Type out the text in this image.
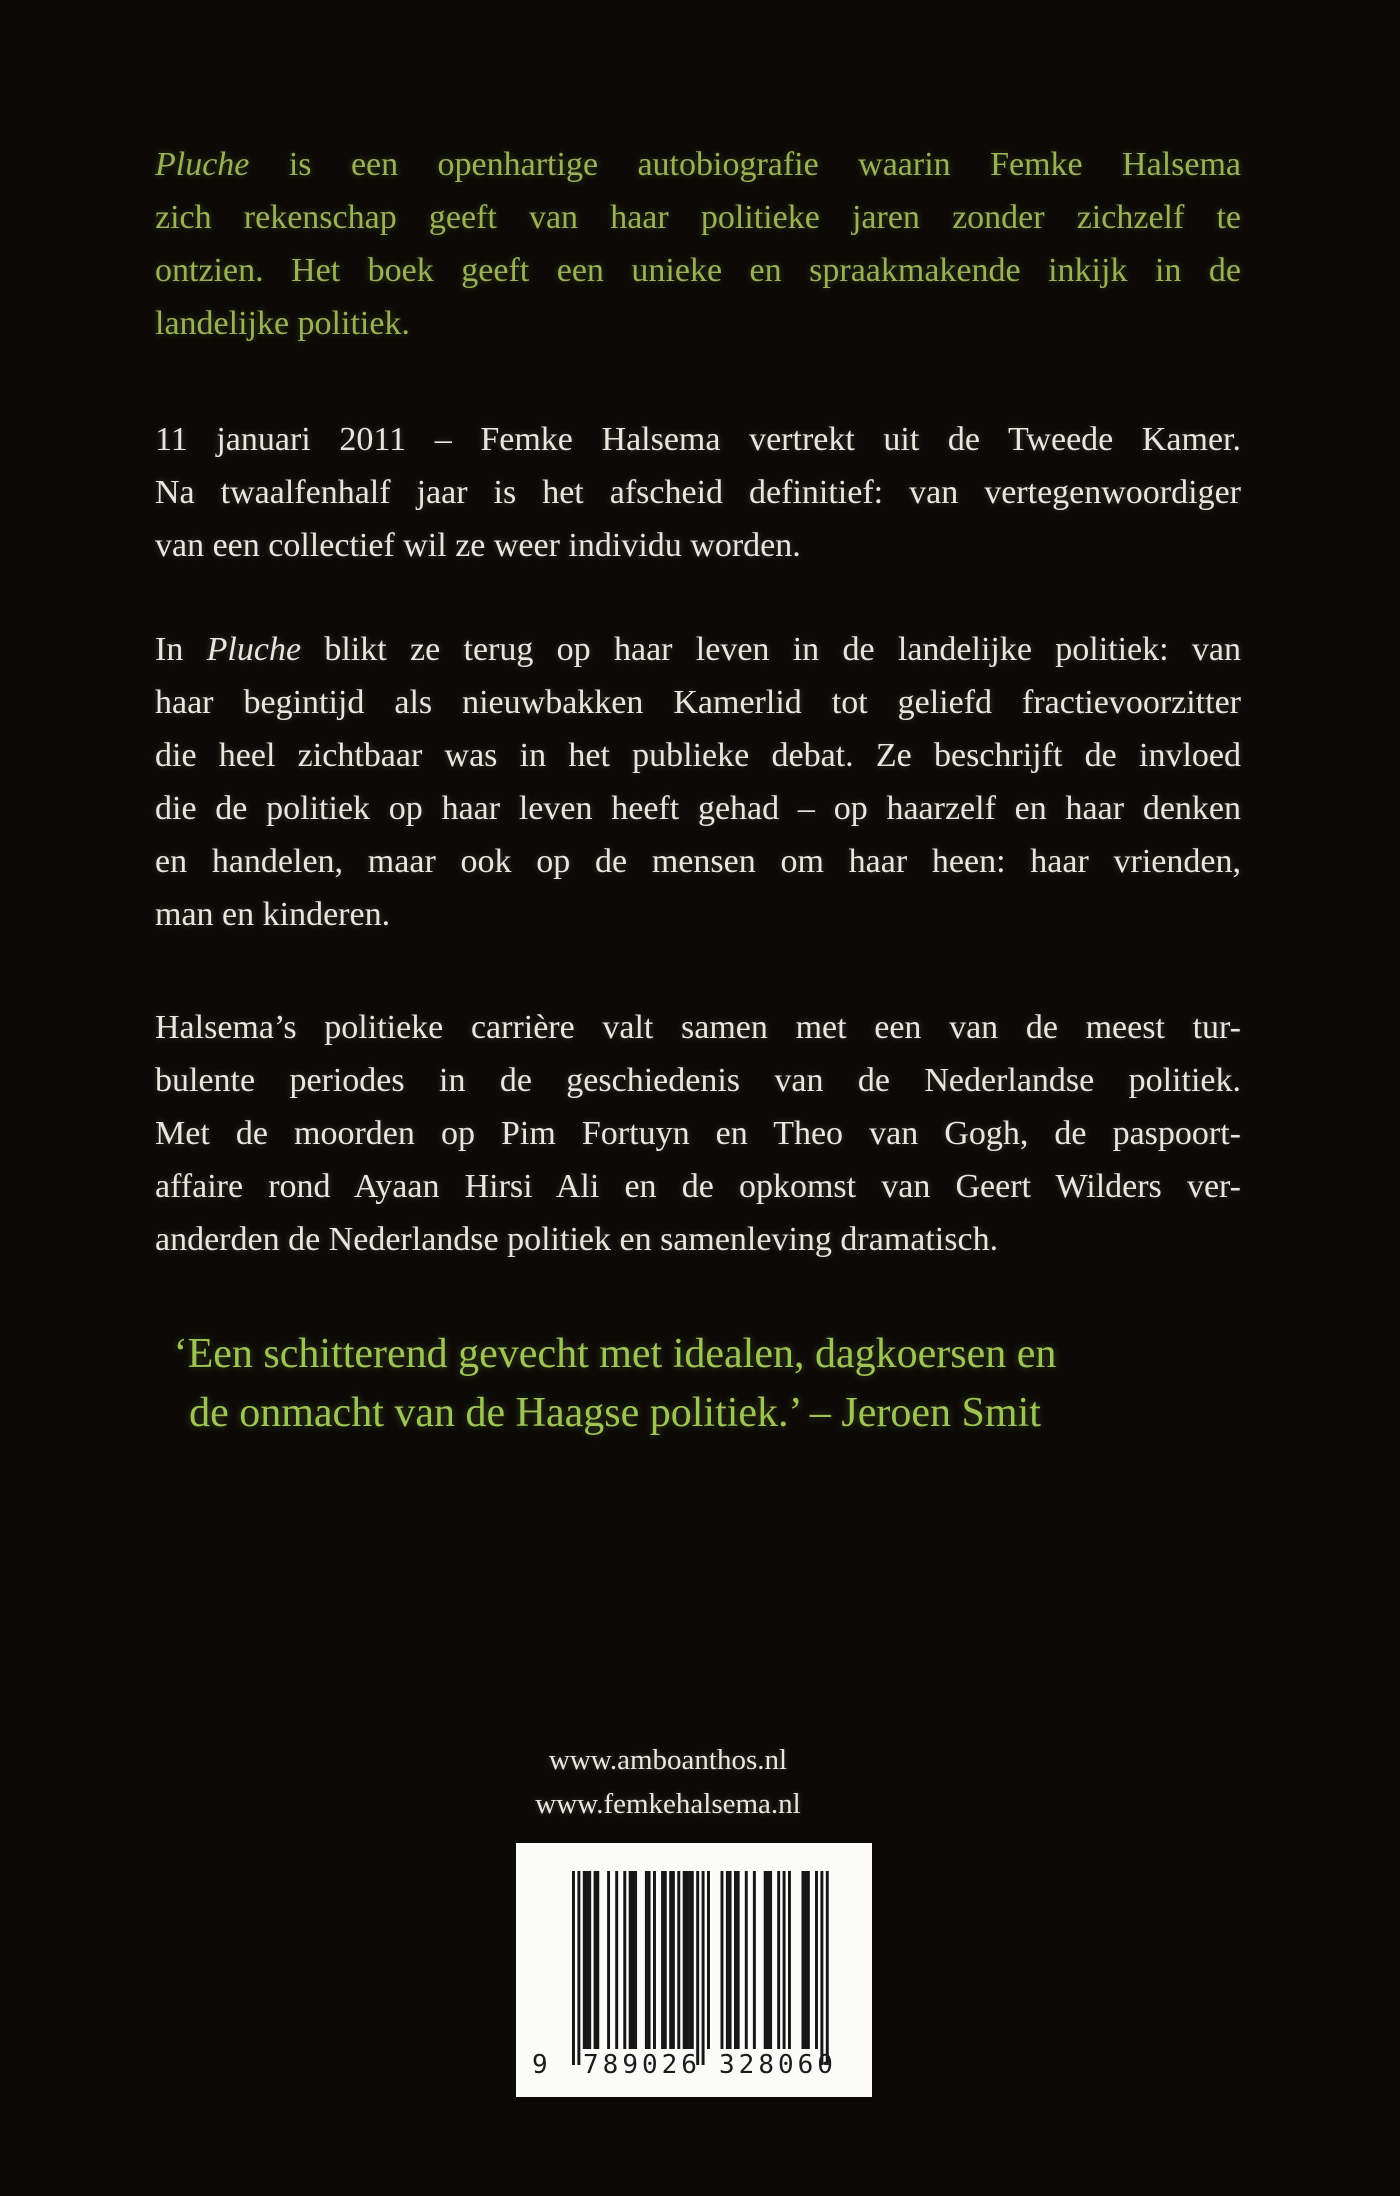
Pluche is een openhartige autobiografie waarin Femke Halsema
zich rekenschap geeft van haar politieke jaren zonder zichzelf te
ontzien. Het boek geeft een unieke en spraakmakende inkijk in de
landelijke politiek.
11 januari 2011 – Femke Halsema vertrekt uit de Tweede Kamer.
Na twaalfenhalf jaar is het afscheid definitief: van vertegenwoordiger
van een collectief wil ze weer individu worden.
In Pluche blikt ze terug op haar leven in de landelijke politiek: van
haar begintijd als nieuwbakken Kamerlid tot geliefd fractievoorzitter
die heel zichtbaar was in het publieke debat. Ze beschrijft de invloed
die de politiek op haar leven heeft gehad – op haarzelf en haar denken
en handelen, maar ook op de mensen om haar heen: haar vrienden,
man en kinderen.
Halsema’s politieke carrière valt samen met een van de meest tur-
bulente periodes in de geschiedenis van de Nederlandse politiek.
Met de moorden op Pim Fortuyn en Theo van Gogh, de paspoort-
affaire rond Ayaan Hirsi Ali en de opkomst van Geert Wilders ver-
anderden de Nederlandse politiek en samenleving dramatisch.
‘Een schitterend gevecht met idealen, dagkoersen en
de onmacht van de Haagse politiek.’ – Jeroen Smit
www.amboanthos.nl
www.femkehalsema.nl
9 789026 328060
